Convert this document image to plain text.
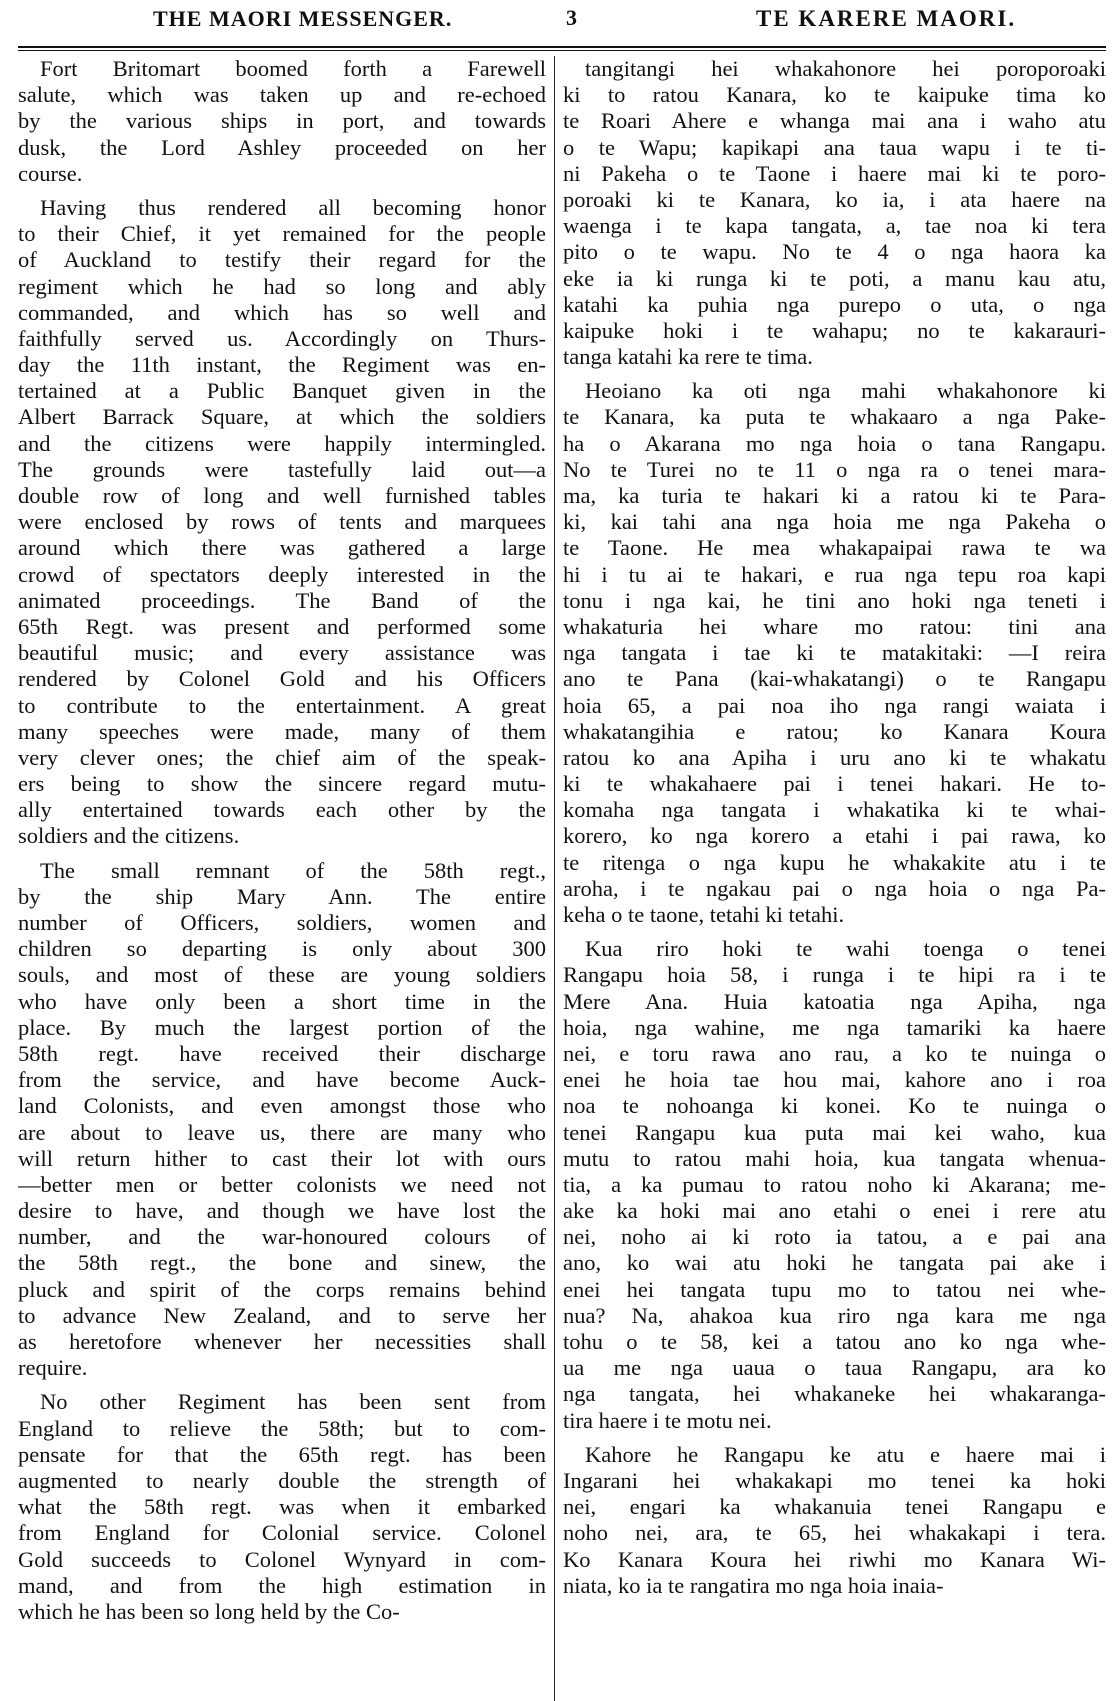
THE MAORI MESSENGER.	3	TE KARERE MAORI.
Fort Britomart boomed forth a Farewell
salute, which was taken up and re-echoed
by the various ships in port, and towards
dusk, the Lord Ashley proceeded on her
course.
Having thus rendered all becoming honor
to their Chief, it yet remained for the people
of Auckland to testify their regard for the
regiment which he had so long and ably
commanded, and which has so well and
faithfully served us. Accordingly on Thurs-
day the 11th instant, the Regiment was en-
tertained at a Public Banquet given in the
Albert Barrack Square, at which the soldiers
and the citizens were happily intermingled.
The grounds were tastefully laid out—a
double row of long and well furnished tables
were enclosed by rows of tents and marquees
around which there was gathered a large
crowd of spectators deeply interested in the
animated proceedings. The Band of the
65th Regt. was present and performed some
beautiful music; and every assistance was
rendered by Colonel Gold and his Officers
to contribute to the entertainment. A great
many speeches were made, many of them
very clever ones; the chief aim of the speak-
ers being to show the sincere regard mutu-
ally entertained towards each other by the
soldiers and the citizens.
The small remnant of the 58th regt.,
by the ship Mary Ann. The entire
number of Officers, soldiers, women and
children so departing is only about 300
souls, and most of these are young soldiers
who have only been a short time in the
place. By much the largest portion of the
58th regt. have received their discharge
from the service, and have become Auck-
land Colonists, and even amongst those who
are about to leave us, there are many who
will return hither to cast their lot with ours
—better men or better colonists we need not
desire to have, and though we have lost the
number, and the war-honoured colours of
the 58th regt., the bone and sinew, the
pluck and spirit of the corps remains behind
to advance New Zealand, and to serve her
as heretofore whenever her necessities shall
require.
No other Regiment has been sent from
England to relieve the 58th; but to com-
pensate for that the 65th regt. has been
augmented to nearly double the strength of
what the 58th regt. was when it embarked
from England for Colonial service. Colonel
Gold succeeds to Colonel Wynyard in com-
mand, and from the high estimation in
which he has been so long held by the Co-
tangitangi hei whakahonore hei poroporoaki
ki to ratou Kanara, ko te kaipuke tima ko
te Roari Ahere e whanga mai ana i waho atu
o te Wapu; kapikapi ana taua wapu i te ti-
ni Pakeha o te Taone i haere mai ki te poro-
poroaki ki te Kanara, ko ia, i ata haere na
waenga i te kapa tangata, a, tae noa ki tera
pito o te wapu. No te 4 o nga haora ka
eke ia ki runga ki te poti, a manu kau atu,
katahi ka puhia nga purepo o uta, o nga
kaipuke hoki i te wahapu; no te kakarauri-
tanga katahi ka rere te tima.
Heoiano ka oti nga mahi whakahonore ki
te Kanara, ka puta te whakaaro a nga Pake-
ha o Akarana mo nga hoia o tana Rangapu.
No te Turei no te 11 o nga ra o tenei mara-
ma, ka turia te hakari ki a ratou ki te Para-
ki, kai tahi ana nga hoia me nga Pakeha o
te Taone. He mea whakapaipai rawa te wa
hi i tu ai te hakari, e rua nga tepu roa kapi
tonu i nga kai, he tini ano hoki nga teneti i
whakaturia hei whare mo ratou: tini ana
nga tangata i tae ki te matakitaki: —I reira
ano te Pana (kai-whakatangi) o te Rangapu
hoia 65, a pai noa iho nga rangi waiata i
whakatangihia e ratou; ko Kanara Koura
ratou ko ana Apiha i uru ano ki te whakatu
ki te whakahaere pai i tenei hakari. He to-
komaha nga tangata i whakatika ki te whai-
korero, ko nga korero a etahi i pai rawa, ko
te ritenga o nga kupu he whakakite atu i te
aroha, i te ngakau pai o nga hoia o nga Pa-
keha o te taone, tetahi ki tetahi.
Kua riro hoki te wahi toenga o tenei
Rangapu hoia 58, i runga i te hipi ra i te
Mere Ana. Huia katoatia nga Apiha, nga
hoia, nga wahine, me nga tamariki ka haere
nei, e toru rawa ano rau, a ko te nuinga o
enei he hoia tae hou mai, kahore ano i roa
noa te nohoanga ki konei. Ko te nuinga o
tenei Rangapu kua puta mai kei waho, kua
mutu to ratou mahi hoia, kua tangata whenua-
tia, a ka pumau to ratou noho ki Akarana; me-
ake ka hoki mai ano etahi o enei i rere atu
nei, noho ai ki roto ia tatou, a e pai ana
ano, ko wai atu hoki he tangata pai ake i
enei hei tangata tupu mo to tatou nei whe-
nua? Na, ahakoa kua riro nga kara me nga
tohu o te 58, kei a tatou ano ko nga whe-
ua me nga uaua o taua Rangapu, ara ko
nga tangata, hei whakaneke hei whakaranga-
tira haere i te motu nei.
Kahore he Rangapu ke atu e haere mai i
Ingarani hei whakakapi mo tenei ka hoki
nei, engari ka whakanuia tenei Rangapu e
noho nei, ara, te 65, hei whakakapi i tera.
Ko Kanara Koura hei riwhi mo Kanara Wi-
niata, ko ia te rangatira mo nga hoia inaia-
